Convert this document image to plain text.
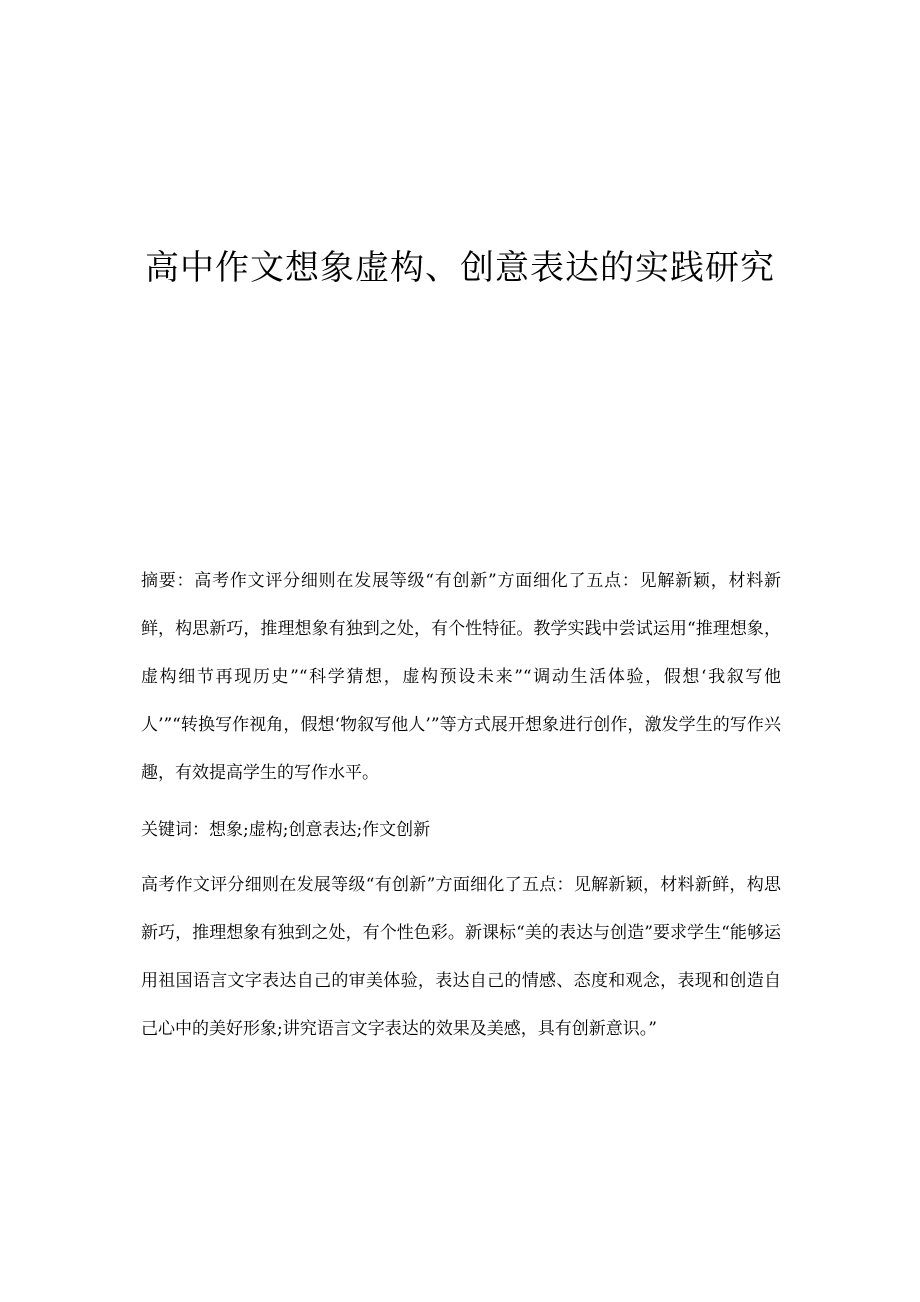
高中作文想象虚构、创意表达的实践研究

摘要：高考作文评分细则在发展等级“有创新”方面细化了五点：见解新颖，材料新鲜，构思新巧，推理想象有独到之处，有个性特征。教学实践中尝试运用“推理想象，虚构细节再现历史”“科学猜想，虚构预设未来”“调动生活体验，假想‘我叙写他人’”“转换写作视角，假想‘物叙写他人’”等方式展开想象进行创作，激发学生的写作兴趣，有效提高学生的写作水平。

关键词：想象;虚构;创意表达;作文创新

高考作文评分细则在发展等级“有创新”方面细化了五点：见解新颖，材料新鲜，构思新巧，推理想象有独到之处，有个性色彩。新课标“美的表达与创造”要求学生“能够运用祖国语言文字表达自己的审美体验，表达自己的情感、态度和观念，表现和创造自己心中的美好形象;讲究语言文字表达的效果及美感，具有创新意识。”
